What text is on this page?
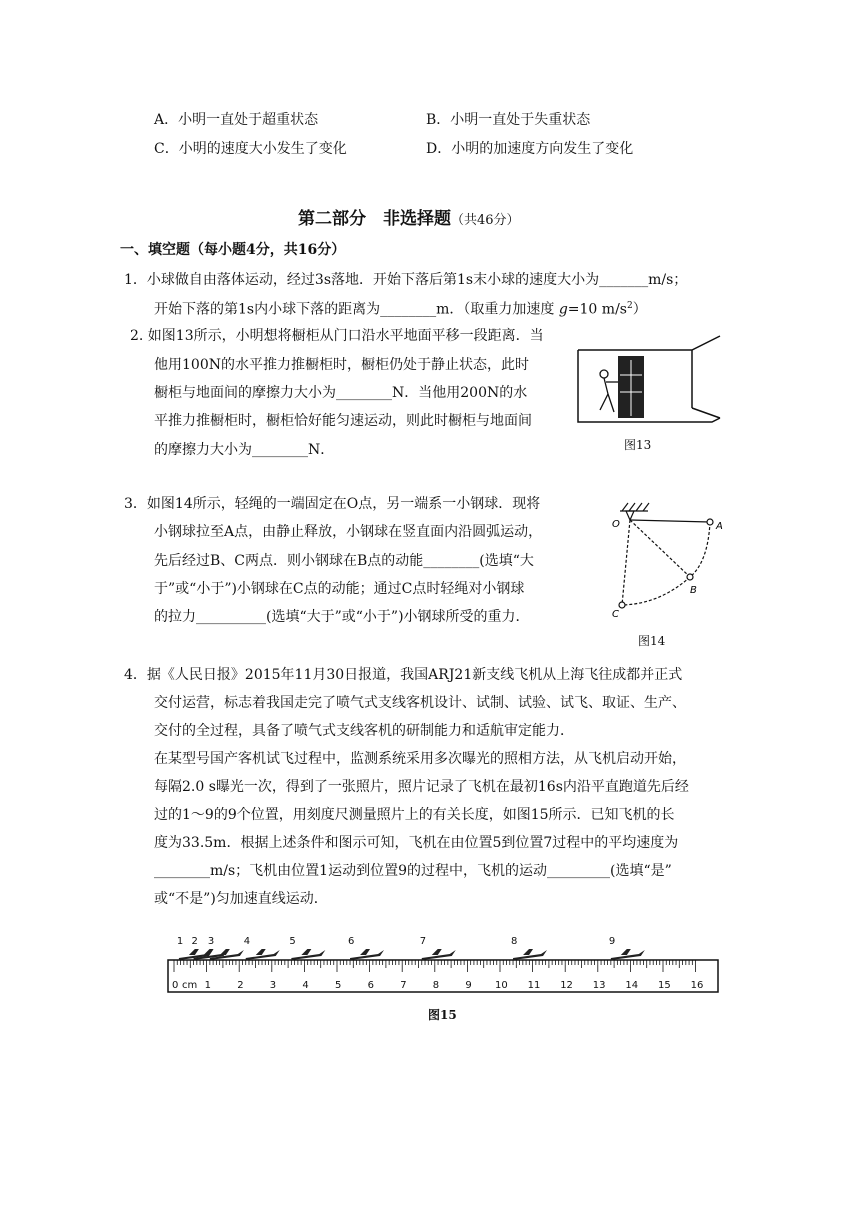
A．小明一直处于超重状态	B．小明一直处于失重状态
C．小明的速度大小发生了变化	D．小明的加速度方向发生了变化
第二部分　非选择题（共46分）
一、填空题（每小题4分，共16分）
1．小球做自由落体运动，经过3s落地．开始下落后第1s末小球的速度大小为_______m/s；
开始下落的第1s内小球下落的距离为________m．（取重力加速度 g=10 $m/s^2$）
2. 如图13所示，小明想将橱柜从门口沿水平地面平移一段距离．当
他用100N的水平推力推橱柜时，橱柜仍处于静止状态，此时
橱柜与地面间的摩擦力大小为________N．当他用200N的水
平推力推橱柜时，橱柜恰好能匀速运动，则此时橱柜与地面间
的摩擦力大小为________N．	图13
3．如图14所示，轻绳的一端固定在O点，另一端系一小钢球．现将
小钢球拉至A点，由静止释放，小钢球在竖直面内沿圆弧运动，
先后经过B、C两点．则小钢球在B点的动能________(选填“大
于”或“小于”)小钢球在C点的动能；通过C点时轻绳对小钢球
的拉力__________(选填“大于”或“小于”)小钢球所受的重力．
O	A
B
C
图14
4．据《人民日报》2015年11月30日报道，我国ARJ21新支线飞机从上海飞往成都并正式
交付运营，标志着我国走完了喷气式支线客机设计、试制、试验、试飞、取证、生产、
交付的全过程，具备了喷气式支线客机的研制能力和适航审定能力．
在某型号国产客机试飞过程中，监测系统采用多次曝光的照相方法，从飞机启动开始，
每隔2.0 s曝光一次，得到了一张照片，照片记录了飞机在最初16s内沿平直跑道先后经
过的1～9的9个位置，用刻度尺测量照片上的有关长度，如图15所示．已知飞机的长
度为33.5m．根据上述条件和图示可知，飞机在由位置5到位置7过程中的平均速度为
________m/s；飞机由位置1运动到位置9的过程中，飞机的运动_________(选填“是”
或“不是”)匀加速直线运动．
0	1	2	3	4	5	6	7	8	9 10 11 12 13 14 15 16
cm
1 2 3	4	5	6	7	8	9
图15
